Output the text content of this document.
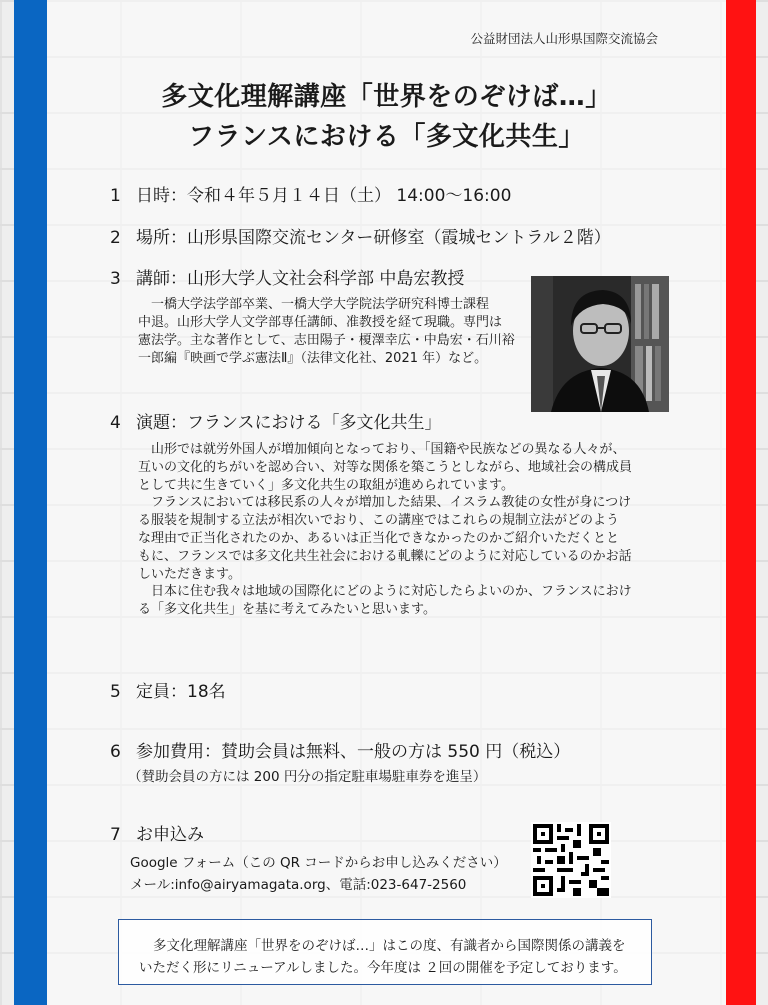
公益財団法人山形県国際交流協会
多文化理解講座「世界をのぞけば…」
フランスにおける「多文化共生」
1 日時：令和４年５月１４日（土） 14:00～16:00
2 場所：山形県国際交流センター研修室（霞城セントラル２階）
3 講師：山形大学人文社会科学部 中島宏教授
　一橋大学法学部卒業、一橋大学大学院法学研究科博士課程
中退。山形大学人文学部専任講師、准教授を経て現職。専門は
憲法学。主な著作として、志田陽子・榎澤幸広・中島宏・石川裕
一郎編『映画で学ぶ憲法Ⅱ』（法律文化社、2021 年）など。
4 演題：フランスにおける「多文化共生」
　山形では就労外国人が増加傾向となっており、「国籍や民族などの異なる人々が、
互いの文化的ちがいを認め合い、対等な関係を築こうとしながら、地域社会の構成員
として共に生きていく」多文化共生の取組が進められています。
　フランスにおいては移民系の人々が増加した結果、イスラム教徒の女性が身につけ
る服装を規制する立法が相次いでおり、この講座ではこれらの規制立法がどのよう
な理由で正当化されたのか、あるいは正当化できなかったのかご紹介いただくとと
もに、フランスでは多文化共生社会における軋轢にどのように対応しているのかお話
しいただきます。
　日本に住む我々は地域の国際化にどのように対応したらよいのか、フランスにおけ
る「多文化共生」を基に考えてみたいと思います。
5 定員：18名
6 参加費用：賛助会員は無料、一般の方は 550 円（税込）
（賛助会員の方には 200 円分の指定駐車場駐車券を進呈）
7 お申込み
Google フォーム（この QR コードからお申し込みください）
メール:info@airyamagata.org、電話:023-647-2560

多文化理解講座「世界をのぞけば…」はこの度、有識者から国際関係の講義を

いただく形にリニューアルしました。今年度は ２回の開催を予定しております。
